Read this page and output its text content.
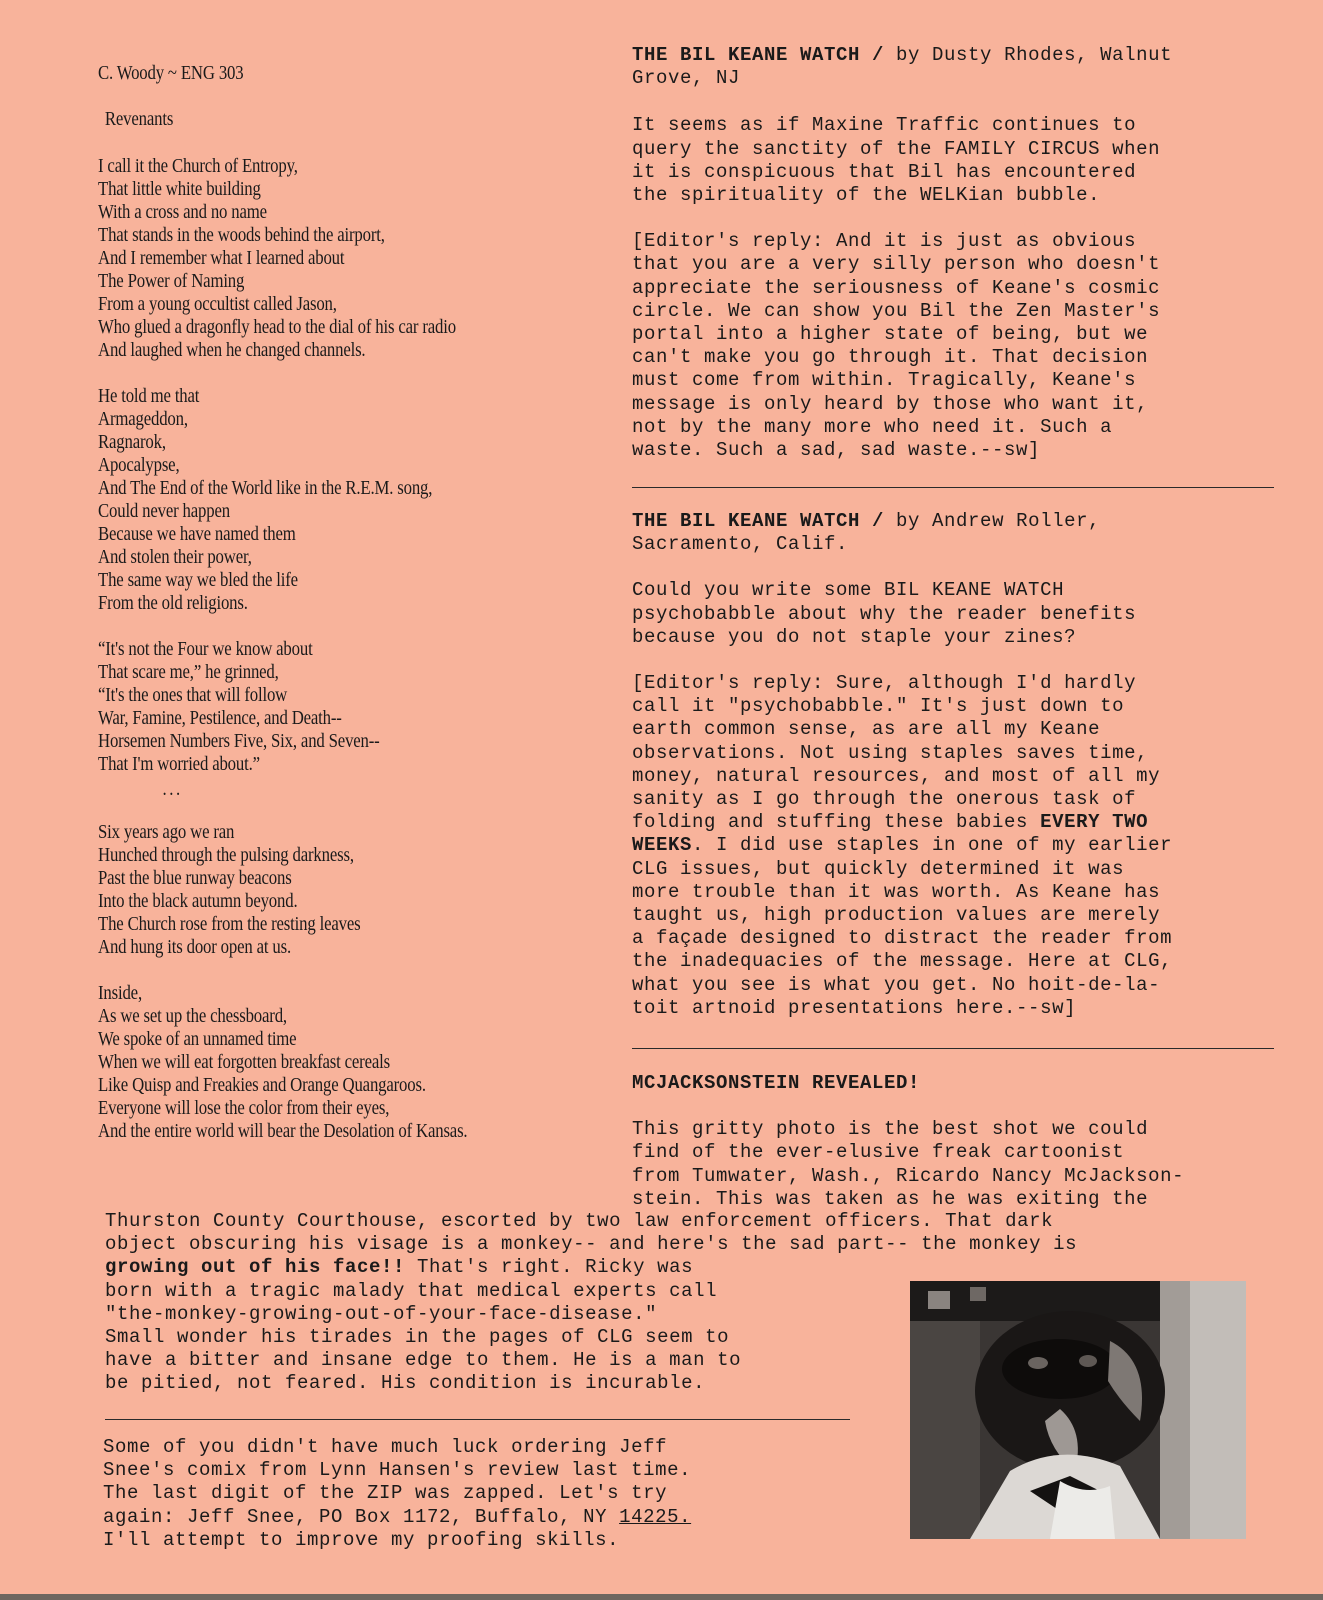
C. Woody ~ ENG 303
Revenants
I call it the Church of Entropy,
That little white building
With a cross and no name
That stands in the woods behind the airport,
And I remember what I learned about
The Power of Naming
From a young occultist called Jason,
Who glued a dragonfly head to the dial of his car radio
And laughed when he changed channels.
He told me that
Armageddon,
Ragnarok,
Apocalypse,
And The End of the World like in the R.E.M. song,
Could never happen
Because we have named them
And stolen their power,
The same way we bled the life
From the old religions.
“It's not the Four we know about
That scare me,” he grinned,
“It's the ones that will follow
War, Famine, Pestilence, and Death--
Horsemen Numbers Five, Six, and Seven--
That I'm worried about.”
...
Six years ago we ran
Hunched through the pulsing darkness,
Past the blue runway beacons
Into the black autumn beyond.
The Church rose from the resting leaves
And hung its door open at us.
Inside,
As we set up the chessboard,
We spoke of an unnamed time
When we will eat forgotten breakfast cereals
Like Quisp and Freakies and Orange Quangaroos.
Everyone will lose the color from their eyes,
And the entire world will bear the Desolation of Kansas.

THE BIL KEANE WATCH / by Dusty Rhodes, Walnut

Grove, NJ

It seems as if Maxine Traffic continues to

query the sanctity of the FAMILY CIRCUS when

it is conspicuous that Bil has encountered

the spirituality of the WELKian bubble.

[Editor's reply: And it is just as obvious

that you are a very silly person who doesn't

appreciate the seriousness of Keane's cosmic

circle. We can show you Bil the Zen Master's

portal into a higher state of being, but we

can't make you go through it. That decision

must come from within. Tragically, Keane's

message is only heard by those who want it,

not by the many more who need it. Such a

waste. Such a sad, sad waste.--sw]

THE BIL KEANE WATCH / by Andrew Roller,

Sacramento, Calif.

Could you write some BIL KEANE WATCH

psychobabble about why the reader benefits

because you do not staple your zines?

[Editor's reply: Sure, although I'd hardly

call it "psychobabble." It's just down to

earth common sense, as are all my Keane

observations. Not using staples saves time,

money, natural resources, and most of all my

sanity as I go through the onerous task of

folding and stuffing these babies EVERY TWO

WEEKS. I did use staples in one of my earlier

CLG issues, but quickly determined it was

more trouble than it was worth. As Keane has

taught us, high production values are merely

a façade designed to distract the reader from

the inadequacies of the message. Here at CLG,

what you see is what you get. No hoit-de-la-

toit artnoid presentations here.--sw]

MCJACKSONSTEIN REVEALED!

This gritty photo is the best shot we could

find of the ever-elusive freak cartoonist

from Tumwater, Wash., Ricardo Nancy McJackson-

stein. This was taken as he was exiting the

Thurston County Courthouse, escorted by two law enforcement officers. That dark
object obscuring his visage is a monkey-- and here's the sad part-- the monkey is
growing out of his face!! That's right. Ricky was
born with a tragic malady that medical experts call
"the-monkey-growing-out-of-your-face-disease."
Small wonder his tirades in the pages of CLG seem to
have a bitter and insane edge to them. He is a man to
be pitied, not feared. His condition is incurable.
Some of you didn't have much luck ordering Jeff
Snee's comix from Lynn Hansen's review last time.
The last digit of the ZIP was zapped. Let's try
again: Jeff Snee, PO Box 1172, Buffalo, NY 14225.
I'll attempt to improve my proofing skills.
